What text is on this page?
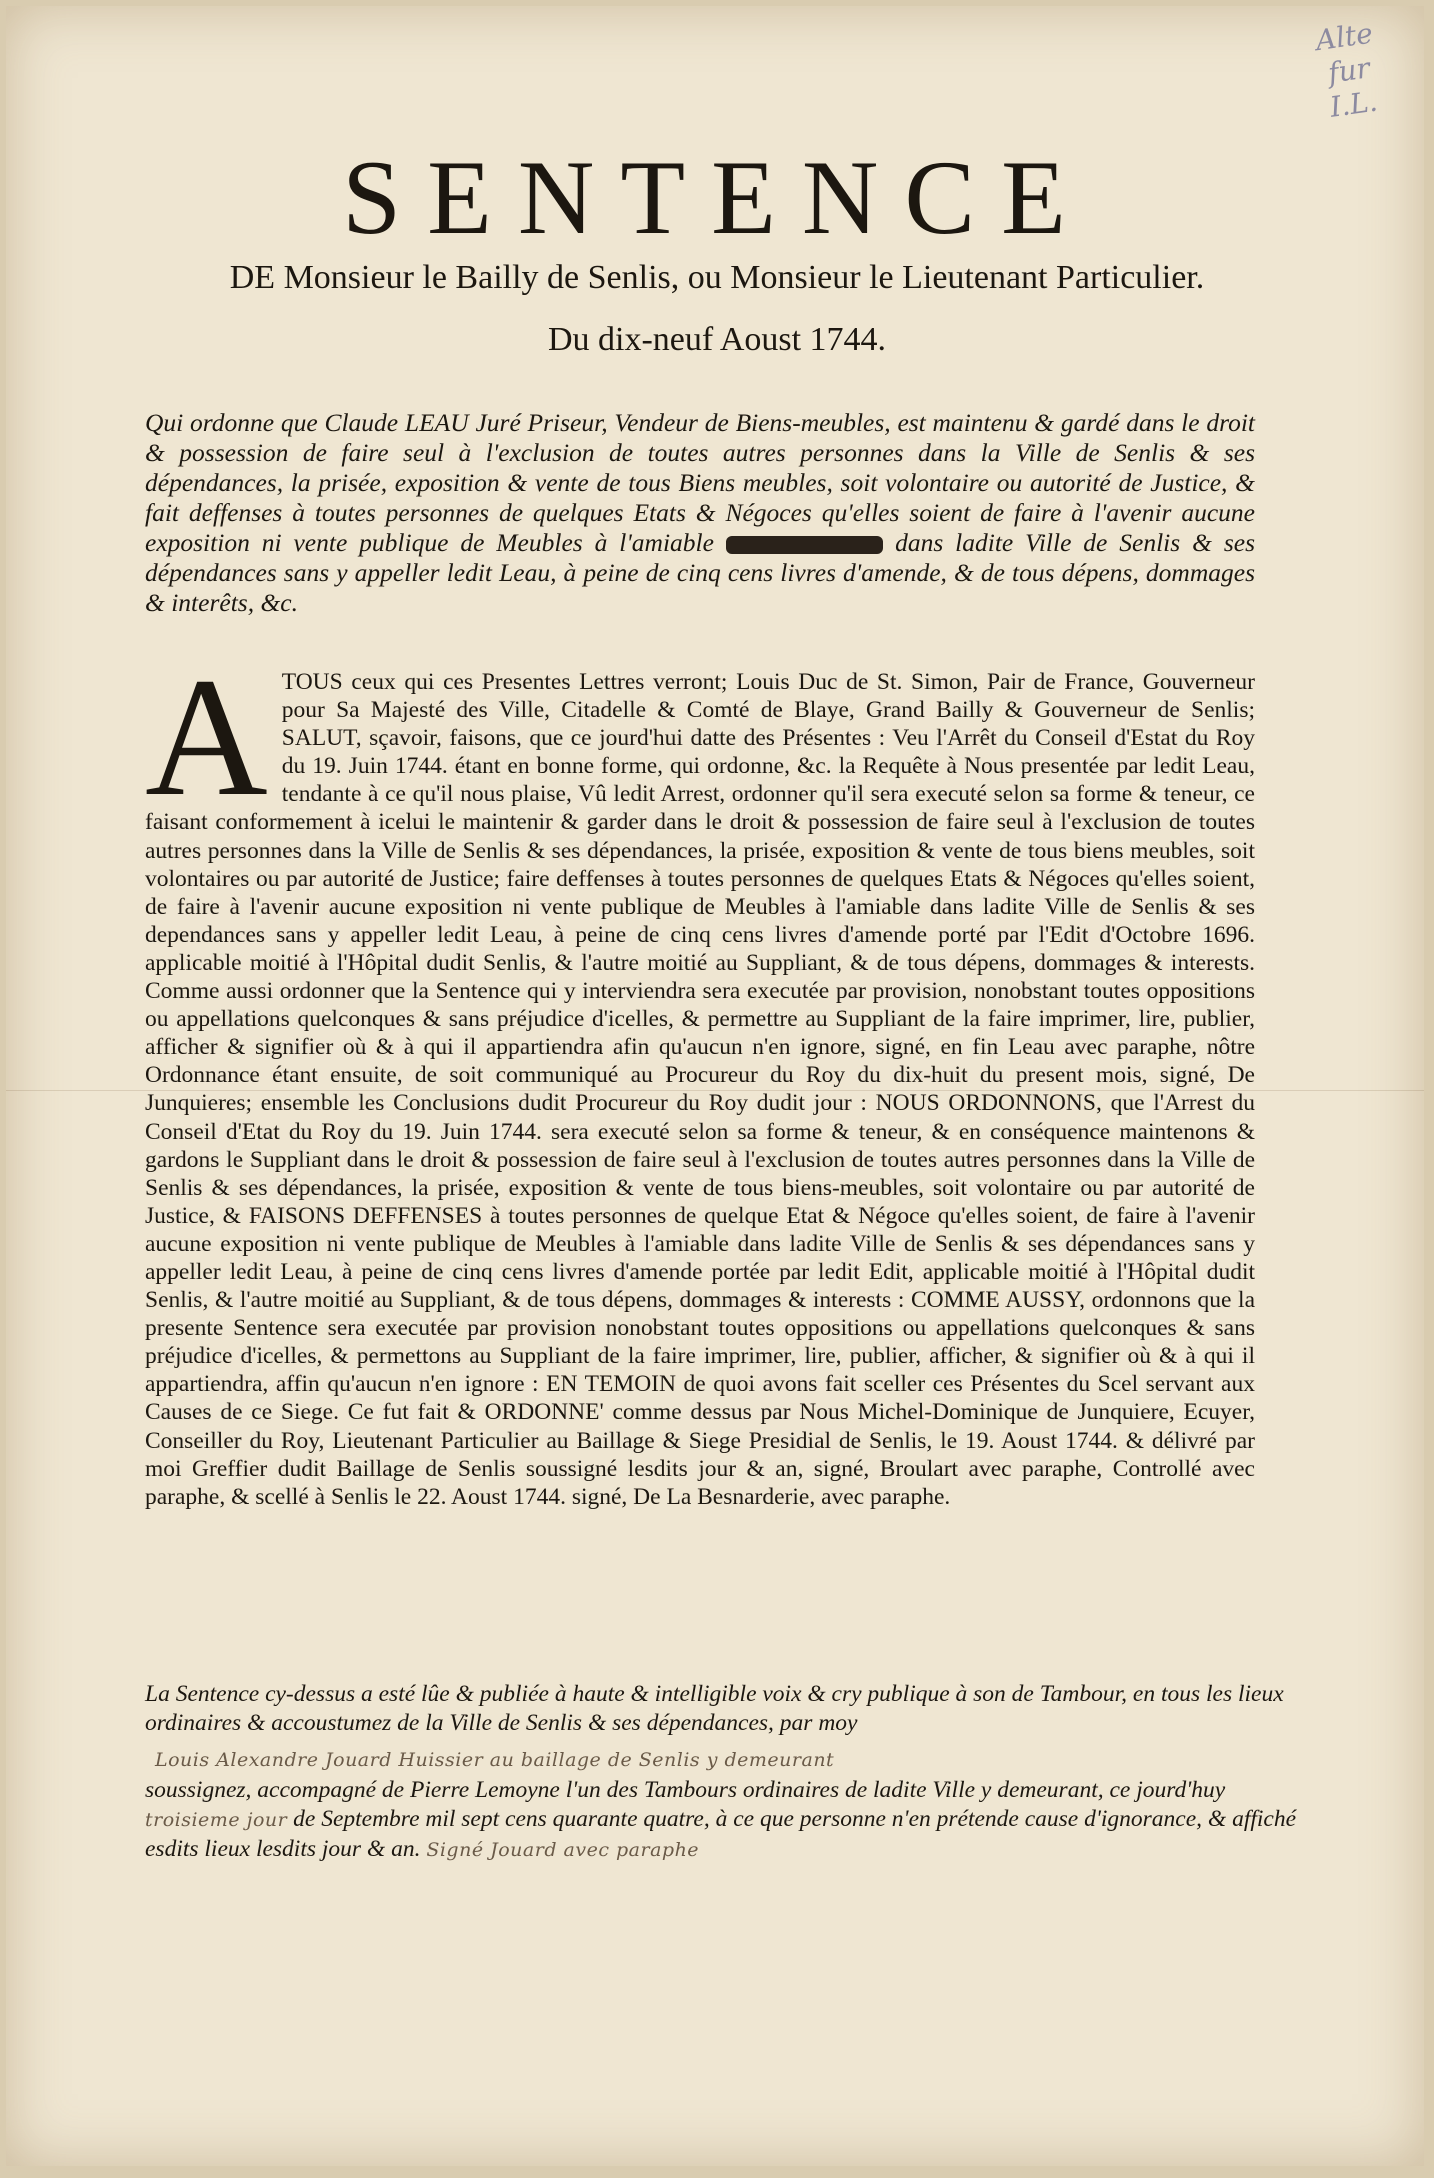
Alte
fur
I.L.
SENTENCE
DE Monsieur le Bailly de Senlis, ou Monsieur le Lieutenant Particulier.
Du dix-neuf Aoust 1744.
Qui ordonne que Claude LEAU Juré Priseur, Vendeur de Biens-meubles, est maintenu & gardé dans le droit & possession de faire seul à l'exclusion de toutes autres personnes dans la Ville de Senlis & ses dépendances, la prisée, exposition & vente de tous Biens meubles, soit volontaire ou autorité de Justice, & fait deffenses à toutes personnes de quelques Etats & Négoces qu'elles soient de faire à l'avenir aucune exposition ni vente publique de Meubles à l'amiable	dans ladite Ville de Senlis & ses dépendances sans y appeller ledit Leau, à peine de cinq cens livres d'amende, & de tous dépens, dommages & interêts, &c.
A TOUS ceux qui ces Presentes Lettres verront; Louis Duc de St. Simon, Pair de France, Gouverneur pour Sa Majesté des Ville, Citadelle & Comté de Blaye, Grand Bailly & Gouverneur de Senlis; SALUT, sçavoir, faisons, que ce jourd'hui datte des Présentes : Veu l'Arrêt du Conseil d'Estat du Roy du 19. Juin 1744. étant en bonne forme, qui ordonne, &c. la Requête à Nous presentée par ledit Leau, tendante à ce qu'il nous plaise, Vû ledit Arrest, ordonner qu'il sera executé selon sa forme & teneur, ce faisant conformement à icelui le maintenir & garder dans le droit & possession de faire seul à l'exclusion de toutes autres personnes dans la Ville de Senlis & ses dépendances, la prisée, exposition & vente de tous biens meubles, soit volontaires ou par autorité de Justice; faire deffenses à toutes personnes de quelques Etats & Négoces qu'elles soient, de faire à l'avenir aucune exposition ni vente publique de Meubles à l'amiable dans ladite Ville de Senlis & ses dependances sans y appeller ledit Leau, à peine de cinq cens livres d'amende porté par l'Edit d'Octobre 1696. applicable moitié à l'Hôpital dudit Senlis, & l'autre moitié au Suppliant, & de tous dépens, dommages & interests. Comme aussi ordonner que la Sentence qui y interviendra sera executée par provision, nonobstant toutes oppositions ou appellations quelconques & sans préjudice d'icelles, & permettre au Suppliant de la faire imprimer, lire, publier, afficher & signifier où & à qui il appartiendra afin qu'aucun n'en ignore, signé, en fin Leau avec paraphe, nôtre Ordonnance étant ensuite, de soit communiqué au Procureur du Roy du dix-huit du present mois, signé, De Junquieres; ensemble les Conclusions dudit Procureur du Roy dudit jour : NOUS ORDONNONS, que l'Arrest du Conseil d'Etat du Roy du 19. Juin 1744. sera executé selon sa forme & teneur, & en conséquence maintenons & gardons le Suppliant dans le droit & possession de faire seul à l'exclusion de toutes autres personnes dans la Ville de Senlis & ses dépendances, la prisée, exposition & vente de tous biens-meubles, soit volontaire ou par autorité de Justice, & FAISONS DEFFENSES à toutes personnes de quelque Etat & Négoce qu'elles soient, de faire à l'avenir aucune exposition ni vente publique de Meubles à l'amiable dans ladite Ville de Senlis & ses dépendances sans y appeller ledit Leau, à peine de cinq cens livres d'amende portée par ledit Edit, applicable moitié à l'Hôpital dudit Senlis, & l'autre moitié au Suppliant, & de tous dépens, dommages & interests : COMME AUSSY, ordonnons que la presente Sentence sera executée par provision nonobstant toutes oppositions ou appellations quelconques & sans préjudice d'icelles, & permettons au Suppliant de la faire imprimer, lire, publier, afficher, & signifier où & à qui il appartiendra, affin qu'aucun n'en ignore : EN TEMOIN de quoi avons fait sceller ces Présentes du Scel servant aux Causes de ce Siege. Ce fut fait & ORDONNE' comme dessus par Nous Michel-Dominique de Junquiere, Ecuyer, Conseiller du Roy, Lieutenant Particulier au Baillage & Siege Presidial de Senlis, le 19. Aoust 1744. & délivré par moi Greffier dudit Baillage de Senlis soussigné lesdits jour & an, signé, Broulart avec paraphe, Controllé avec paraphe, & scellé à Senlis le 22. Aoust 1744. signé, De La Besnarderie, avec paraphe.
La Sentence cy-dessus a esté lûe & publiée à haute & intelligible voix & cry publique à son de Tambour, en tous les lieux ordinaires & accoustumez de la Ville de Senlis & ses dépendances, par moy
Louis Alexandre Jouard Huissier au baillage de Senlis y demeurant
soussignez, accompagné de Pierre Lemoyne l'un des Tambours ordinaires de ladite Ville y demeurant, ce jourd'huy troisieme jour de Septembre mil sept cens quarante quatre, à ce que personne n'en prétende cause d'ignorance, & affiché esdits lieux lesdits jour & an. Signé Jouard avec paraphe
